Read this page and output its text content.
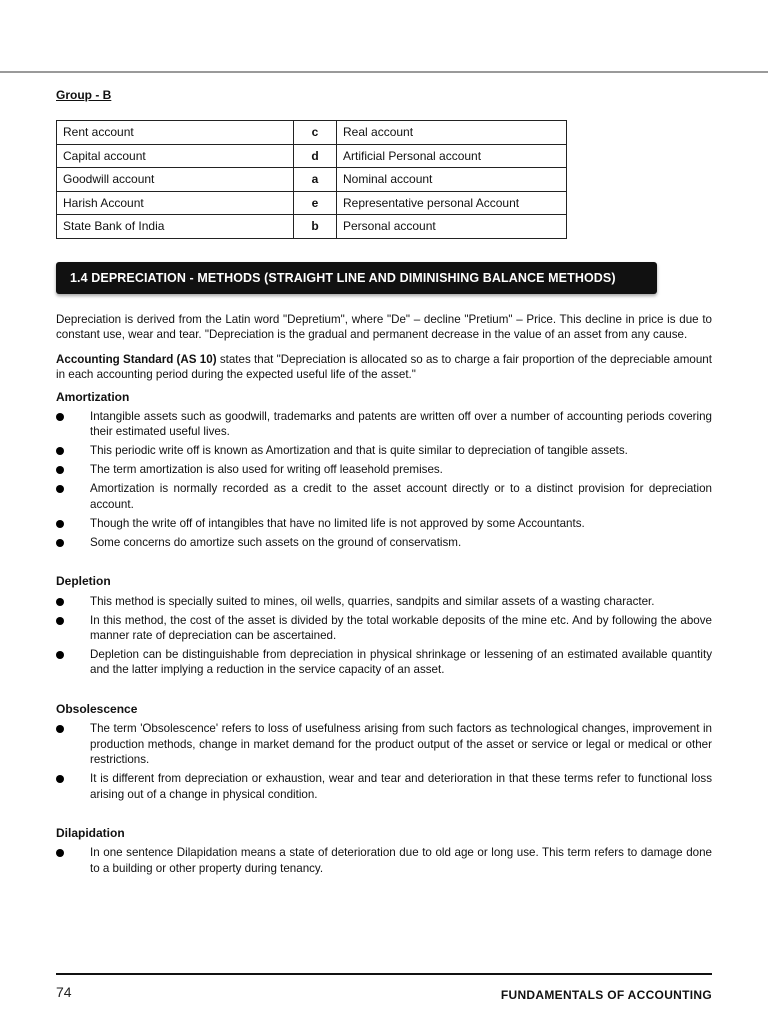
Group - B
Rent account	c	Real account
Capital account	d	Artificial Personal account
Goodwill account	a	Nominal account
Harish Account	e	Representative personal Account
State Bank of India	b	Personal account
1.4 DEPRECIATION - METHODS (STRAIGHT LINE AND DIMINISHING BALANCE METHODS)

Depreciation is derived from the Latin word "Depretium", where "De" – decline "Pretium" – Price. This decline in price is due to constant use, wear and tear. "Depreciation is the gradual and permanent decrease in the value of an asset from any cause.

Accounting Standard (AS 10) states that "Depreciation is allocated so as to charge a fair proportion of the depreciable amount in each accounting period during the expected useful life of the asset."

Amortization
Intangible assets such as goodwill, trademarks and patents are written off over a number of accounting periods covering their estimated useful lives.
This periodic write off is known as Amortization and that is quite similar to depreciation of tangible assets.
The term amortization is also used for writing off leasehold premises.
Amortization is normally recorded as a credit to the asset account directly or to a distinct provision for depreciation account.
Though the write off of intangibles that have no limited life is not approved by some Accountants.
Some concerns do amortize such assets on the ground of conservatism.
Depletion
This method is specially suited to mines, oil wells, quarries, sandpits and similar assets of a wasting character.
In this method, the cost of the asset is divided by the total workable deposits of the mine etc. And by following the above manner rate of depreciation can be ascertained.
Depletion can be distinguishable from depreciation in physical shrinkage or lessening of an estimated available quantity and the latter implying a reduction in the service capacity of an asset.
Obsolescence
The term 'Obsolescence' refers to loss of usefulness arising from such factors as technological changes, improvement in production methods, change in market demand for the product output of the asset or service or legal or medical or other restrictions.
It is different from depreciation or exhaustion, wear and tear and deterioration in that these terms refer to functional loss arising out of a change in physical condition.
Dilapidation
In one sentence Dilapidation means a state of deterioration due to old age or long use. This term refers to damage done to a building or other property during tenancy.
74	FUNDAMENTALS OF ACCOUNTING
